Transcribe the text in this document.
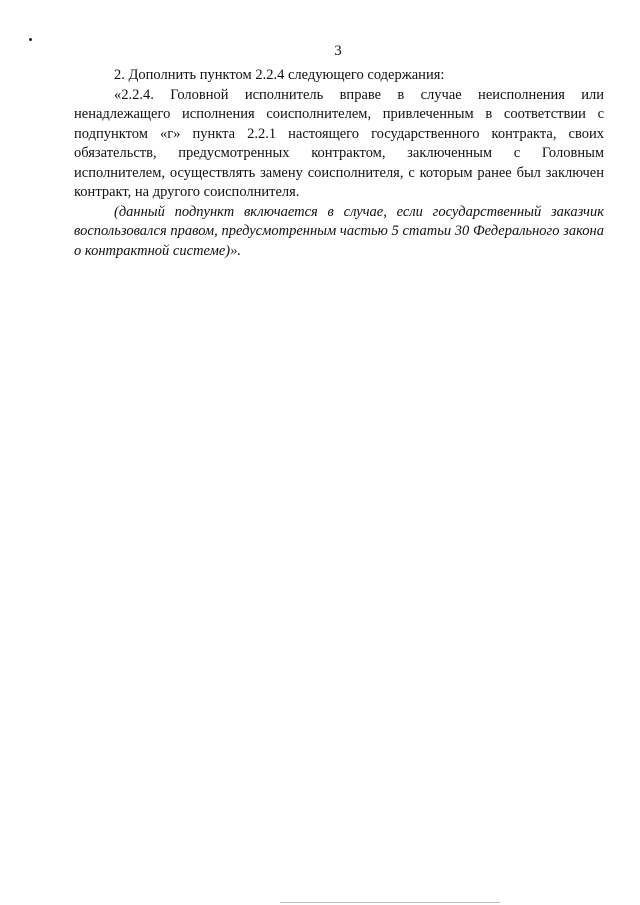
3

2. Дополнить пунктом 2.2.4 следующего содержания:

«2.2.4. Головной исполнитель вправе в случае неисполнения или ненадлежащего исполнения соисполнителем, привлеченным в соответствии с подпунктом «г» пункта 2.2.1 настоящего государственного контракта, своих обязательств, предусмотренных контрактом, заключенным с Головным исполнителем, осуществлять замену соисполнителя, с которым ранее был заключен контракт, на другого соисполнителя.

(данный подпункт включается в случае, если государственный заказчик воспользовался правом, предусмотренным частью 5 статьи 30 Федерального закона о контрактной системе)».
